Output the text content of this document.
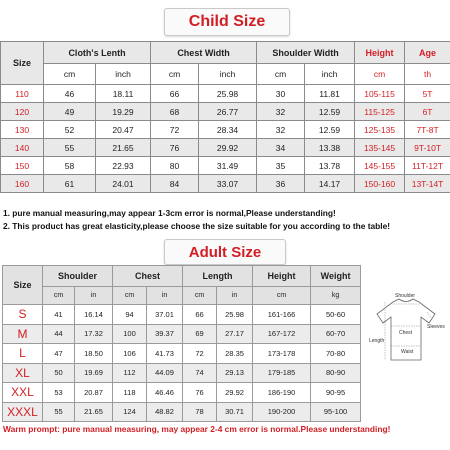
Child Size
Size	Cloth's Lenth		Chest Width		Shoulder Width		Height	Age
	cm	inch	cm	inch	cm	inch	cm	th
110	46	18.11	66	25.98	30	11.81	105-115	5T
120	49	19.29	68	26.77	32	12.59	115-125	6T
130	52	20.47	72	28.34	32	12.59	125-135	7T-8T
140	55	21.65	76	29.92	34	13.38	135-145	9T-10T
150	58	22.93	80	31.49	35	13.78	145-155	11T-12T
160	61	24.01	84	33.07	36	14.17	150-160	13T-14T
1. pure manual measuring,may appear 1-3cm error is normal,Please understanding!
2. This product has great elasticity,please choose the size suitable for you according to the table!
Adult Size
Size	Shoulder		Chest		Length		Height	Weight
	cm	in	cm	in	cm	in	cm	kg
S	41	16.14	94	37.01	66	25.98	161-166	50-60
M	44	17.32	100	39.37	69	27.17	167-172	60-70
L	47	18.50	106	41.73	72	28.35	173-178	70-80
XL	50	19.69	112	44.09	74	29.13	179-185	80-90
XXL	53	20.87	118	46.46	76	29.92	186-190	90-95
XXXL	55	21.65	124	48.82	78	30.71	190-200	95-100
Shoulder
Sleeves
Chest
Length
Waist
Warm prompt: pure manual measuring, may appear 2-4 cm error is normal.Please understanding!
